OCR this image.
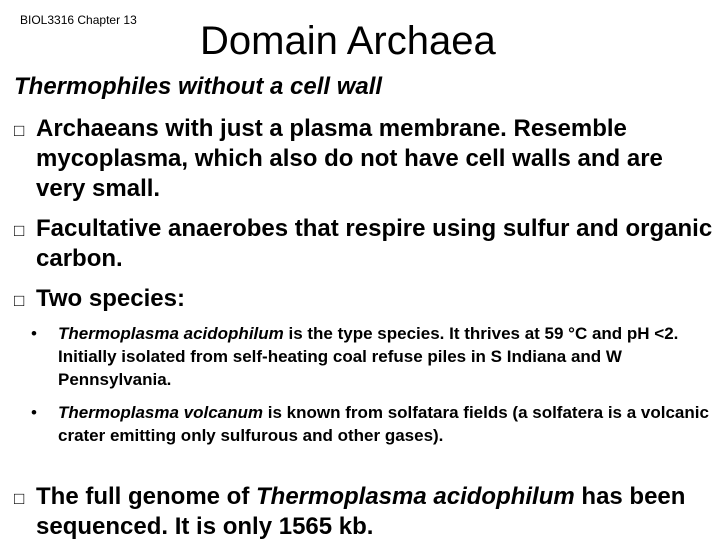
BIOL3316 Chapter 13 Domain Archaea
Thermophiles without a cell wall
□ Archaeans with just a plasma membrane. Resemble mycoplasma, which also do not have cell walls and are very small.
□ Facultative anaerobes that respire using sulfur and organic carbon.
□ Two species:
• Thermoplasma acidophilum is the type species. It thrives at 59 °C and pH <2. Initially isolated from self-heating coal refuse piles in S Indiana and W Pennsylvania.
• Thermoplasma volcanum is known from solfatara fields (a solfatera is a volcanic crater emitting only sulfurous and other gases).
□ The full genome of Thermoplasma acidophilum has been sequenced. It is only 1565 kb.
